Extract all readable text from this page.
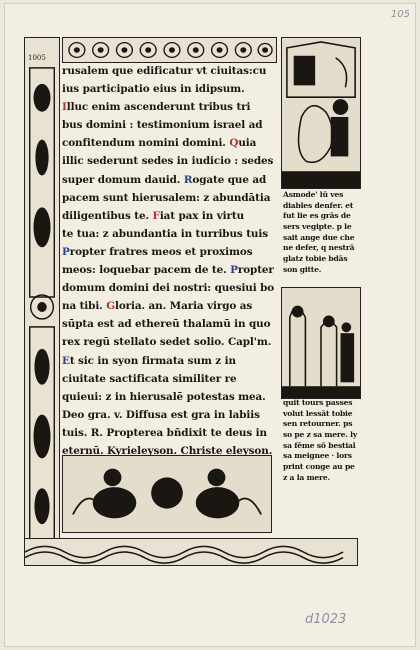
105
d1023
1005
rusalem que edificatur vt ciuitas:cu
ius participatio eius in idipsum.
Illuc enim ascenderunt tribus tri
bus domini : testimonium israel ad
confitendum nomini domini. Quia
illic sederunt sedes in iudicio : sedes
super domum dauid. Rogate que ad
pacem sunt hierusalem: z abundātia
diligentibus te. Fiat pax in virtu
te tua: z abundantia in turribus tuis
Propter fratres meos et proximos
meos: loquebar pacem de te. Propter
domum domini dei nostri: quesiui bo
na tibi. Gloria. an. Maria virgo as
sūpta est ad ethereū thalamū in quo
rex regū stellato sedet solio. Capl'm.
Et sic in syon firmata sum z in
ciuitate sactificata similiter re
quieui: z in hierusalē potestas mea.
Deo gra. v. Diffusa est gra in labiis
tuis. R. Propterea bñdixit te deus in
eternū. Kyrieleyson. Christe eleyson.
Asmode' lū ves
diables denfer. et
fut lie es grās de
sers vegipte. p le
sait ange due che
ne defer, q nestrā
glatz tobie bdās
son gitte.
quit tours passes
volut lessāt tobie
sen retourner. ps
so pe z sa mere. ly
sa fēme sō bestial
sa meignee · lors
print conge au pe
z a la mere.
